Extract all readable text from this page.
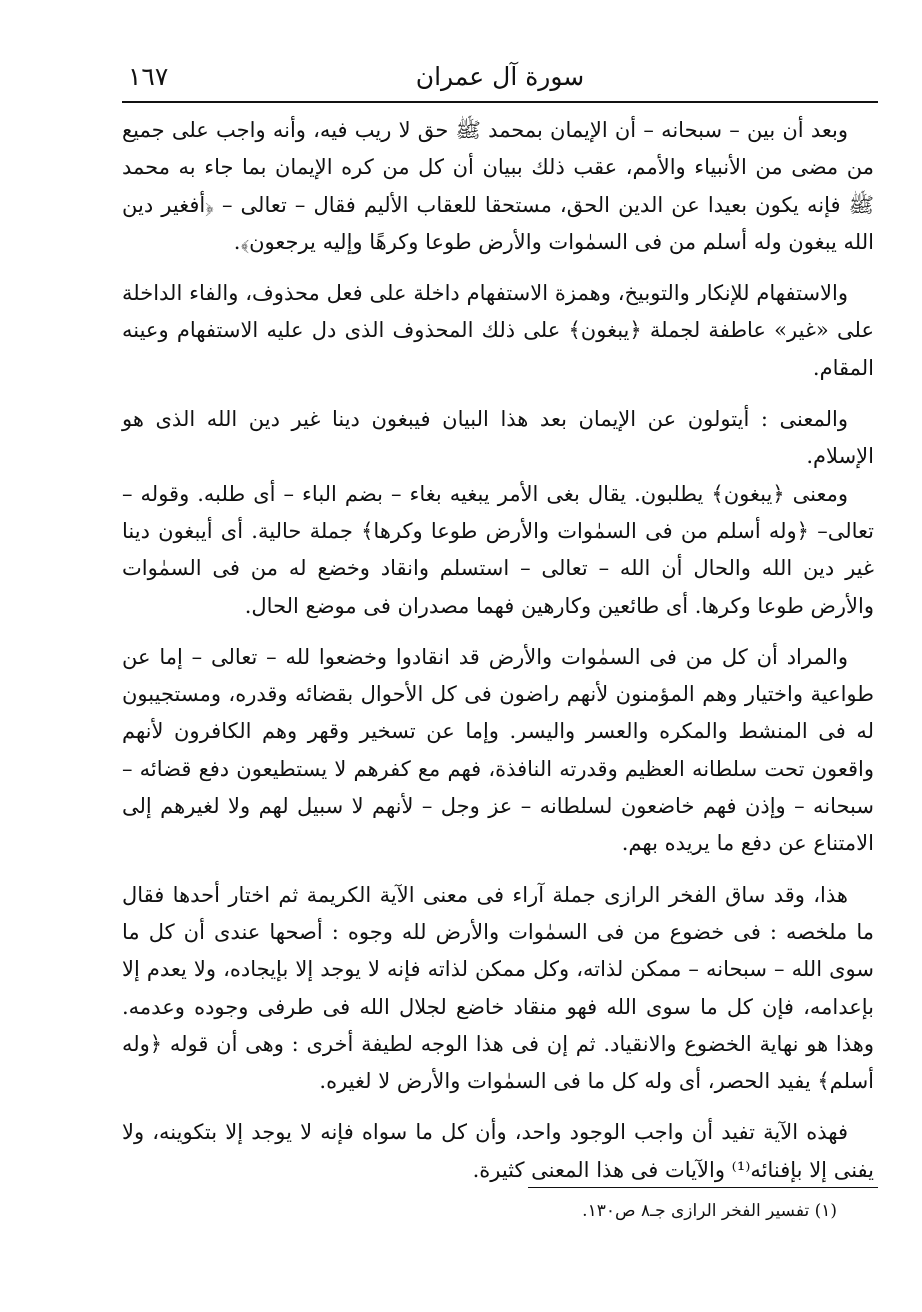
١٦٧	سورة آل عمران

وبعد أن بين – سبحانه – أن الإيمان بمحمد ﷺ حق لا ريب فيه، وأنه واجب على جميع من مضى من الأنبياء والأمم، عقب ذلك ببيان أن كل من كره الإيمان بما جاء به محمد ﷺ فإنه يكون بعيدا عن الدين الحق، مستحقا للعقاب الأليم فقال – تعالى – ﴿أفغير دين الله يبغون وله أسلم من فى السمٰوات والأرض طوعا وكرهًا وإليه يرجعون﴾.

والاستفهام للإنكار والتوبيخ، وهمزة الاستفهام داخلة على فعل محذوف، والفاء الداخلة على «غير» عاطفة لجملة ﴿يبغون﴾ على ذلك المحذوف الذى دل عليه الاستفهام وعينه المقام.

والمعنى : أيتولون عن الإيمان بعد هذا البيان فيبغون دينا غير دين الله الذى هو الإسلام.

ومعنى ﴿يبغون﴾ يطلبون. يقال بغى الأمر يبغيه بغاء – بضم الباء – أى طلبه. وقوله –تعالى– ﴿وله أسلم من فى السمٰوات والأرض طوعا وكرها﴾ جملة حالية. أى أيبغون دينا غير دين الله والحال أن الله – تعالى – استسلم وانقاد وخضع له من فى السمٰوات والأرض طوعا وكرها. أى طائعين وكارهين فهما مصدران فى موضع الحال.

والمراد أن كل من فى السمٰوات والأرض قد انقادوا وخضعوا لله – تعالى – إما عن طواعية واختيار وهم المؤمنون لأنهم راضون فى كل الأحوال بقضائه وقدره، ومستجيبون له فى المنشط والمكره والعسر واليسر. وإما عن تسخير وقهر وهم الكافرون لأنهم واقعون تحت سلطانه العظيم وقدرته النافذة، فهم مع كفرهم لا يستطيعون دفع قضائه – سبحانه – وإذن فهم خاضعون لسلطانه – عز وجل – لأنهم لا سبيل لهم ولا لغيرهم إلى الامتناع عن دفع ما يريده بهم.

هذا، وقد ساق الفخر الرازى جملة آراء فى معنى الآية الكريمة ثم اختار أحدها فقال ما ملخصه : فى خضوع من فى السمٰوات والأرض لله وجوه : أصحها عندى أن كل ما سوى الله – سبحانه – ممكن لذاته، وكل ممكن لذاته فإنه لا يوجد إلا بإيجاده، ولا يعدم إلا بإعدامه، فإن كل ما سوى الله فهو منقاد خاضع لجلال الله فى طرفى وجوده وعدمه. وهذا هو نهاية الخضوع والانقياد. ثم إن فى هذا الوجه لطيفة أخرى : وهى أن قوله ﴿وله أسلم﴾ يفيد الحصر، أى وله كل ما فى السمٰوات والأرض لا لغيره.

فهذه الآية تفيد أن واجب الوجود واحد، وأن كل ما سواه فإنه لا يوجد إلا بتكوينه، ولا يفنى إلا بإفنائه⁽¹⁾ والآيات فى هذا المعنى كثيرة.

(١) تفسير الفخر الرازى جـ٨ ص١٣٠.
